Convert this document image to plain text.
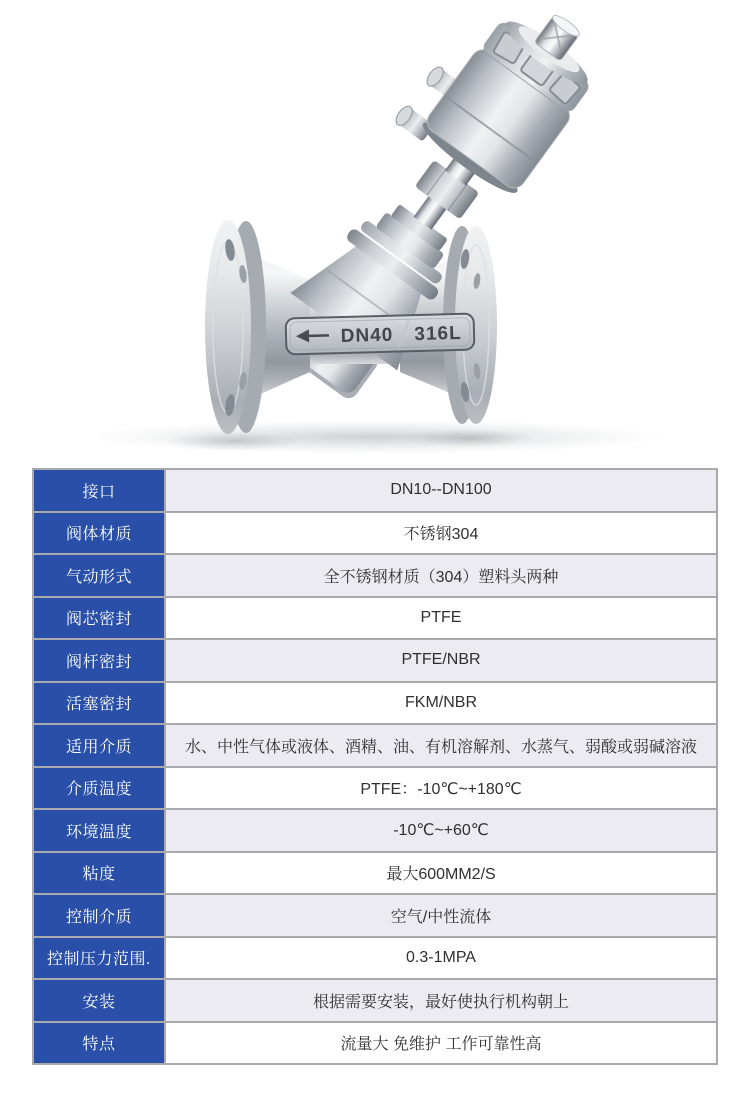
DN40 316L
接口	DN10--DN100
阀体材质	不锈钢304
气动形式	全不锈钢材质（304）塑料头两种
阀芯密封	PTFE
阀杆密封	PTFE/NBR
活塞密封	FKM/NBR
适用介质	水、中性气体或液体、酒精、油、有机溶解剂、水蒸气、弱酸或弱碱溶液
介质温度	PTFE：-10℃~+180℃
环境温度	-10℃~+60℃
粘度	最大600MM2/S
控制介质	空气/中性流体
控制压力范围.	0.3-1MPA
安装	根据需要安装，最好使执行机构朝上
特点	流量大 免维护 工作可靠性高
